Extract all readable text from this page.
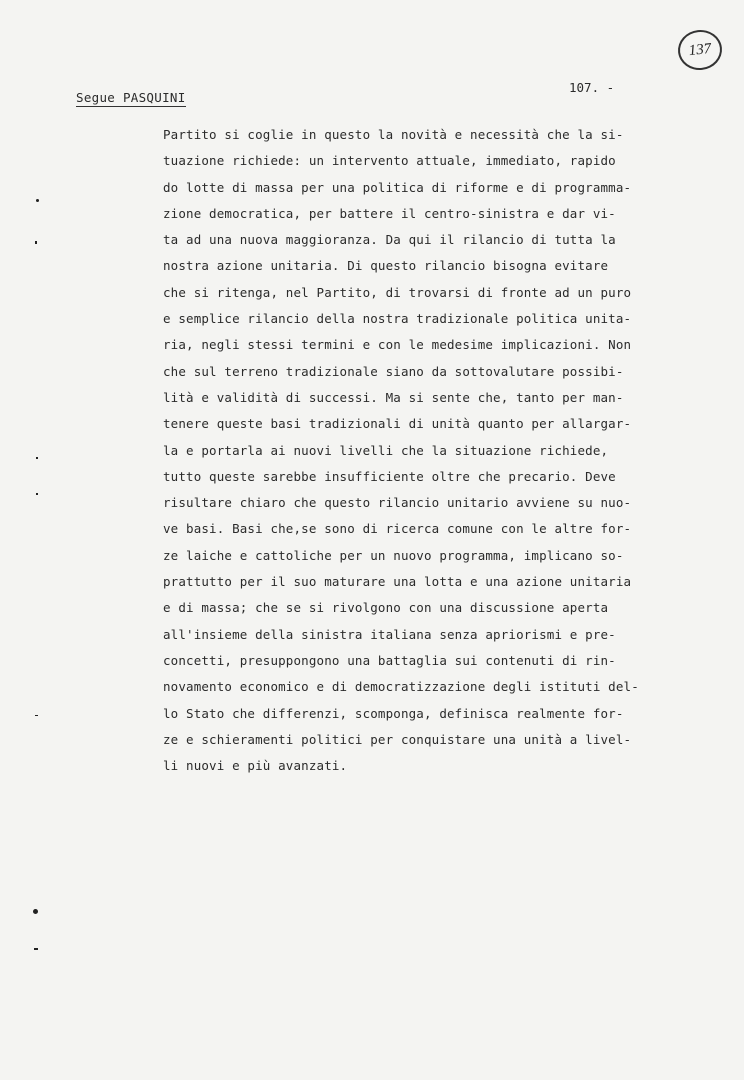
137
Segue PASQUINI
107. -
Partito si coglie in questo la novità e necessità che la si-
tuazione richiede: un intervento attuale, immediato, rapido
do lotte di massa per una politica di riforme e di programma-
zione democratica, per battere il centro-sinistra e dar vi-
ta ad una nuova maggioranza. Da qui il rilancio di tutta la
nostra azione unitaria. Di questo rilancio bisogna evitare
che si ritenga, nel Partito, di trovarsi di fronte ad un puro
e semplice rilancio della nostra tradizionale politica unita-
ria, negli stessi termini e con le medesime implicazioni. Non
che sul terreno tradizionale siano da sottovalutare possibi-
lità e validità di successi. Ma si sente che, tanto per man-
tenere queste basi tradizionali di unità quanto per allargar-
la e portarla ai nuovi livelli che la situazione richiede,
tutto queste sarebbe insufficiente oltre che precario. Deve
risultare chiaro che questo rilancio unitario avviene su nuo-
ve basi. Basi che,se sono di ricerca comune con le altre for-
ze laiche e cattoliche per un nuovo programma, implicano so-
prattutto per il suo maturare una lotta e una azione unitaria
e di massa; che se si rivolgono con una discussione aperta
all'insieme della sinistra italiana senza apriorismi e pre-
concetti, presuppongono una battaglia sui contenuti di rin-
novamento economico e di democratizzazione degli istituti del-
lo Stato che differenzi, scomponga, definisca realmente for-
ze e schieramenti politici per conquistare una unità a livel-
li nuovi e più avanzati.
